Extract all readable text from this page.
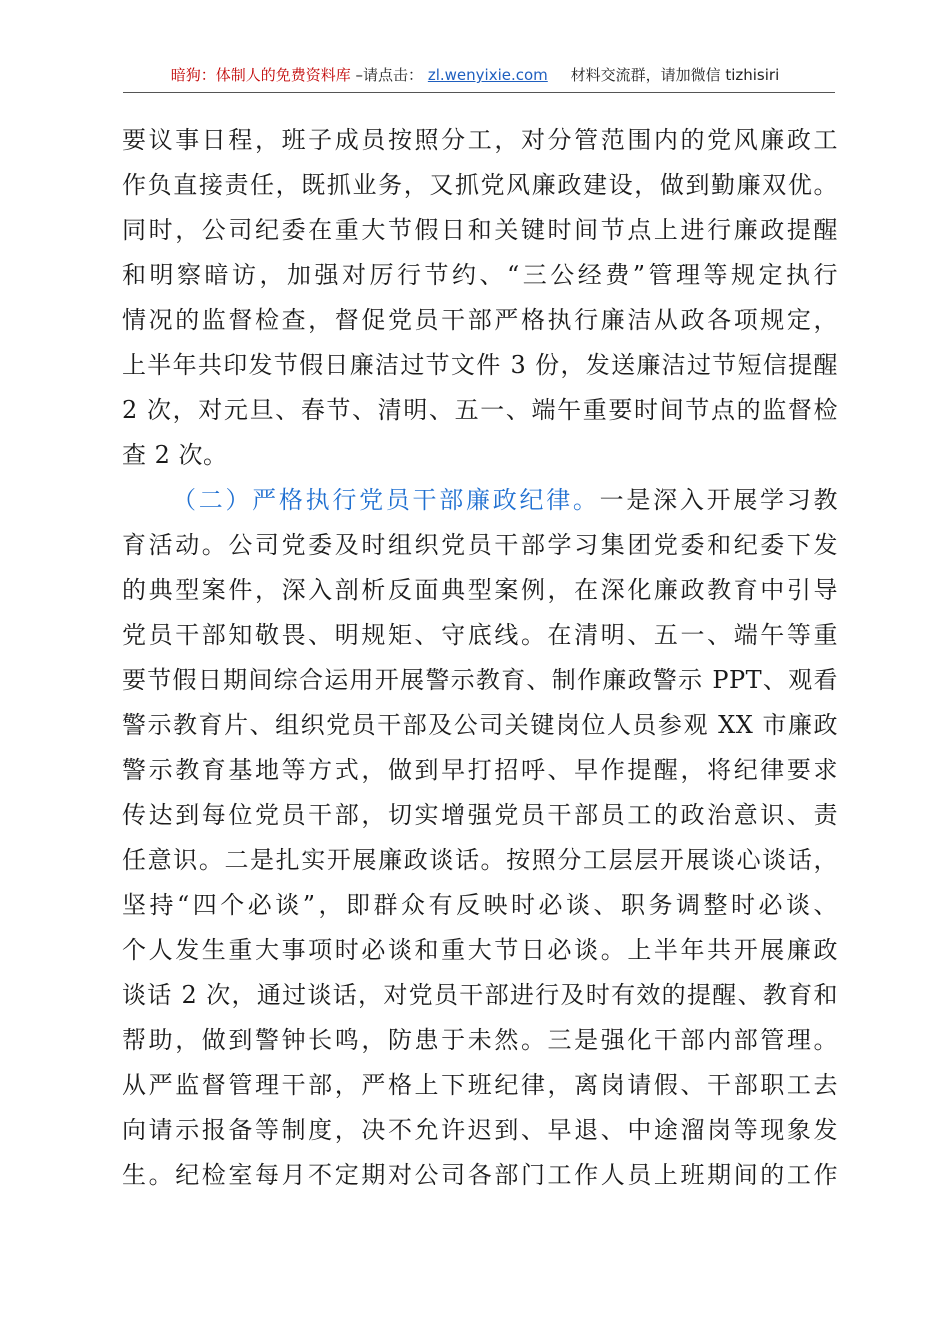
暗狗：体制人的免费资料库 –请点击： zl.wenyixie.com 材料交流群，请加微信 tizhisiri
要议事日程，班子成员按照分工，对分管范围内的党风廉政工
作负直接责任，既抓业务，又抓党风廉政建设，做到勤廉双优。
同时，公司纪委在重大节假日和关键时间节点上进行廉政提醒
和明察暗访，加强对厉行节约、“三公经费”管理等规定执行
情况的监督检查，督促党员干部严格执行廉洁从政各项规定，
上半年共印发节假日廉洁过节文件 3 份，发送廉洁过节短信提醒
2 次，对元旦、春节、清明、五一、端午重要时间节点的监督检
查 2 次。
（二）严格执行党员干部廉政纪律。一是深入开展学习教
育活动。公司党委及时组织党员干部学习集团党委和纪委下发
的典型案件，深入剖析反面典型案例，在深化廉政教育中引导
党员干部知敬畏、明规矩、守底线。在清明、五一、端午等重
要节假日期间综合运用开展警示教育、制作廉政警示 PPT、观看
警示教育片、组织党员干部及公司关键岗位人员参观 XX 市廉政
警示教育基地等方式，做到早打招呼、早作提醒，将纪律要求
传达到每位党员干部，切实增强党员干部员工的政治意识、责
任意识。二是扎实开展廉政谈话。按照分工层层开展谈心谈话，
坚持“四个必谈”，即群众有反映时必谈、职务调整时必谈、
个人发生重大事项时必谈和重大节日必谈。上半年共开展廉政
谈话 2 次，通过谈话，对党员干部进行及时有效的提醒、教育和
帮助，做到警钟长鸣，防患于未然。三是强化干部内部管理。
从严监督管理干部，严格上下班纪律，离岗请假、干部职工去
向请示报备等制度，决不允许迟到、早退、中途溜岗等现象发
生。纪检室每月不定期对公司各部门工作人员上班期间的工作
